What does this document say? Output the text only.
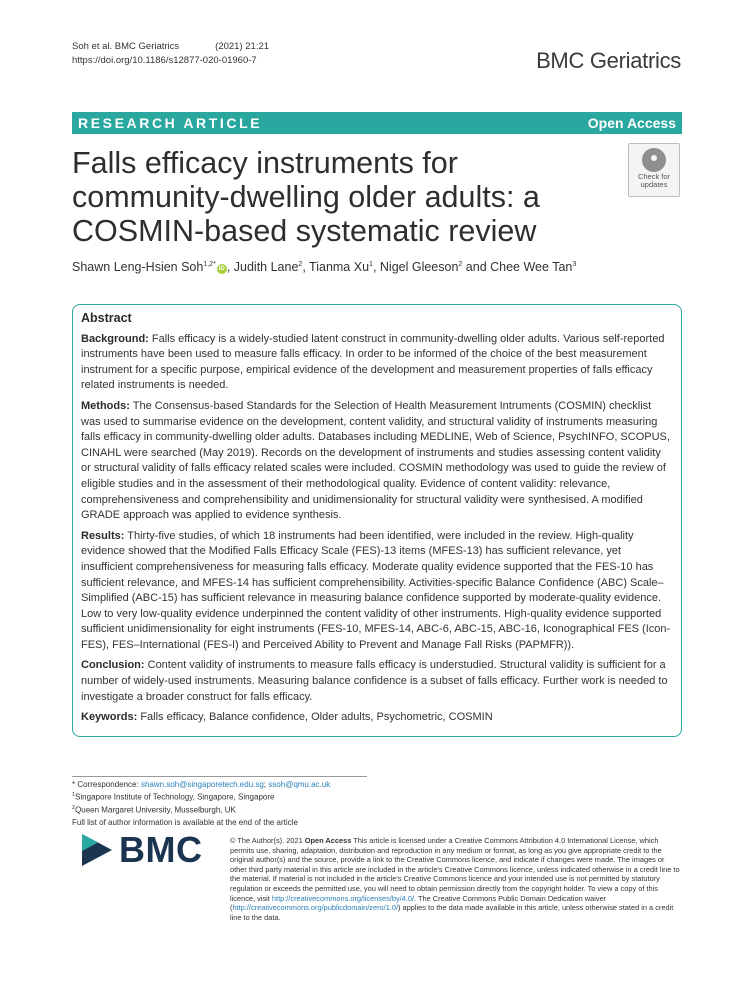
Soh et al. BMC Geriatrics	(2021) 21:21
https://doi.org/10.1186/s12877-020-01960-7	BMC Geriatrics
RESEARCH ARTICLE	Open Access
Falls efficacy instruments for community-dwelling older adults: a COSMIN-based systematic review
Check for
updates
Shawn Leng-Hsien Soh$^{1,2*}$iD , Judith Lane$^2$, Tianma Xu$^1$, Nigel Gleeson$^2$ and Chee Wee Tan$^3$
Abstract

Background: Falls efficacy is a widely-studied latent construct in community-dwelling older adults. Various self-reported instruments have been used to measure falls efficacy. In order to be informed of the choice of the best measurement instrument for a specific purpose, empirical evidence of the development and measurement properties of falls efficacy related instruments is needed.

Methods: The Consensus-based Standards for the Selection of Health Measurement Intruments (COSMIN) checklist was used to summarise evidence on the development, content validity, and structural validity of instruments measuring falls efficacy in community-dwelling older adults. Databases including MEDLINE, Web of Science, PsychINFO, SCOPUS, CINAHL were searched (May 2019). Records on the development of instruments and studies assessing content validity or structural validity of falls efficacy related scales were included. COSMIN methodology was used to guide the review of eligible studies and in the assessment of their methodological quality. Evidence of content validity: relevance, comprehensiveness and comprehensibility and unidimensionality for structural validity were synthesised. A modified GRADE approach was applied to evidence synthesis.

Results: Thirty-five studies, of which 18 instruments had been identified, were included in the review. High-quality evidence showed that the Modified Falls Efficacy Scale (FES)-13 items (MFES-13) has sufficient relevance, yet insufficient comprehensiveness for measuring falls efficacy. Moderate quality evidence supported that the FES-10 has sufficient relevance, and MFES-14 has sufficient comprehensibility. Activities-specific Balance Confidence (ABC) Scale–Simplified (ABC-15) has sufficient relevance in measuring balance confidence supported by moderate-quality evidence. Low to very low-quality evidence underpinned the content validity of other instruments. High-quality evidence supported sufficient unidimensionality for eight instruments (FES-10, MFES-14, ABC-6, ABC-15, ABC-16, Iconographical FES (Icon-FES), FES–International (FES-I) and Perceived Ability to Prevent and Manage Fall Risks (PAPMFR)).

Conclusion: Content validity of instruments to measure falls efficacy is understudied. Structural validity is sufficient for a number of widely-used instruments. Measuring balance confidence is a subset of falls efficacy. Further work is needed to investigate a broader construct for falls efficacy.

Keywords: Falls efficacy, Balance confidence, Older adults, Psychometric, COSMIN

* Correspondence: shawn.soh@singaporetech.edu.sg; ssoh@qmu.ac.uk
$^1$Singapore Institute of Technology, Singapore, Singapore
$^2$Queen Margaret University, Musselburgh, UK
Full list of author information is available at the end of the article
BMC	© The Author(s). 2021 Open Access This article is licensed under a Creative Commons Attribution 4.0 International License, which permits use, sharing, adaptation, distribution and reproduction in any medium or format, as long as you give appropriate credit to the original author(s) and the source, provide a link to the Creative Commons licence, and indicate if changes were made. The images or other third party material in this article are included in the article's Creative Commons licence, unless indicated otherwise in a credit line to the material. If material is not included in the article's Creative Commons licence and your intended use is not permitted by statutory regulation or exceeds the permitted use, you will need to obtain permission directly from the copyright holder. To view a copy of this licence, visit http://creativecommons.org/licenses/by/4.0/. The Creative Commons Public Domain Dedication waiver (http://creativecommons.org/publicdomain/zero/1.0/) applies to the data made available in this article, unless otherwise stated in a credit line to the data.
